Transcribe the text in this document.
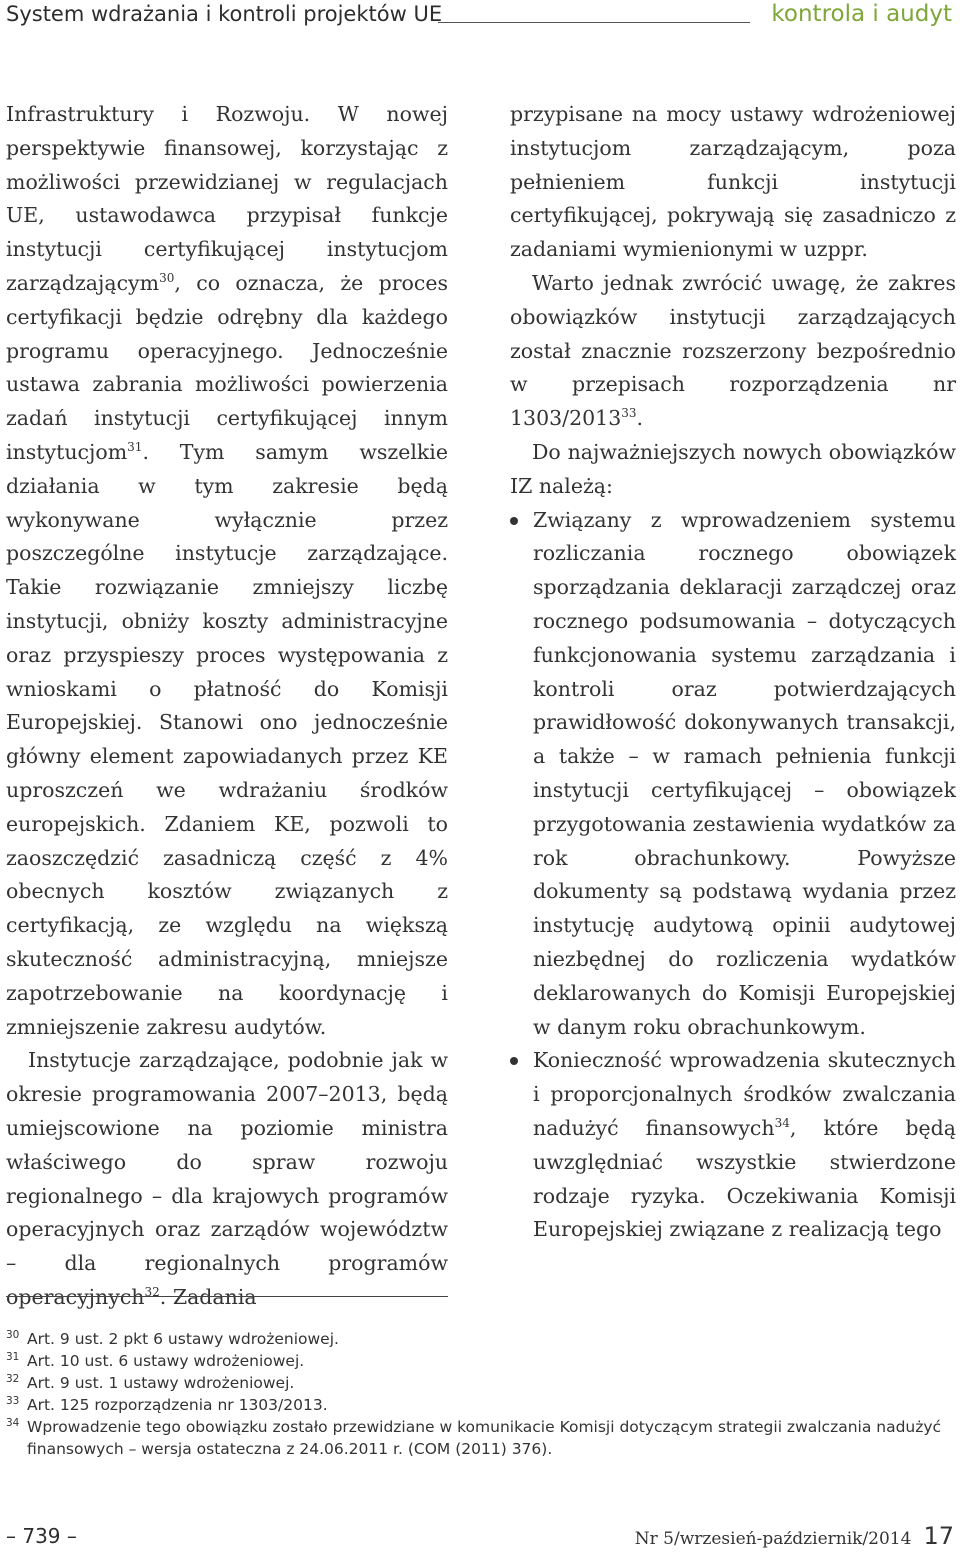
System wdrażania i kontroli projektów UE	kontrola i audyt

Infrastruktury i Rozwoju. W nowej perspektywie finansowej, korzystając z możliwości przewidzianej w regulacjach UE, ustawodawca przypisał funkcje instytucji certyfikującej instytucjom zarządzającym$^{30}$, co oznacza, że proces certyfikacji będzie odrębny dla każdego programu operacyjnego. Jednocześnie ustawa zabrania możliwości powierzenia zadań instytucji certyfikującej innym instytucjom$^{31}$. Tym samym wszelkie działania w tym zakresie będą wykonywane wyłącznie przez poszczególne instytucje zarządzające. Takie rozwiązanie zmniejszy liczbę instytucji, obniży koszty administracyjne oraz przyspieszy proces występowania z wnioskami o płatność do Komisji Europejskiej. Stanowi ono jednocześnie główny element zapowiadanych przez KE uproszczeń we wdrażaniu środków europejskich. Zdaniem KE, pozwoli to zaoszczędzić zasadniczą część z 4% obecnych kosztów związanych z certyfikacją, ze względu na większą skuteczność administracyjną, mniejsze zapotrzebowanie na koordynację i zmniejszenie zakresu audytów.

Instytucje zarządzające, podobnie jak w okresie programowania 2007–2013, będą umiejscowione na poziomie ministra właściwego do spraw rozwoju regionalnego – dla krajowych programów operacyjnych oraz zarządów województw – dla regionalnych programów operacyjnych$^{32}$. Zadania

przypisane na mocy ustawy wdrożeniowej instytucjom zarządzającym, poza pełnieniem funkcji instytucji certyfikującej, pokrywają się zasadniczo z zadaniami wymienionymi w uzppr.

Warto jednak zwrócić uwagę, że zakres obowiązków instytucji zarządzających został znacznie rozszerzony bezpośrednio w przepisach rozporządzenia nr 1303/2013$^{33}$.

Do najważniejszych nowych obowiązków IZ należą:

Związany z wprowadzeniem systemu rozliczania rocznego obowiązek sporządzania deklaracji zarządczej oraz rocznego podsumowania – dotyczących funkcjonowania systemu zarządzania i kontroli oraz potwierdzających prawidłowość dokonywanych transakcji, a także – w ramach pełnienia funkcji instytucji certyfikującej – obowiązek przygotowania zestawienia wydatków za rok obrachunkowy. Powyższe dokumenty są podstawą wydania przez instytucję audytową opinii audytowej niezbędnej do rozliczenia wydatków deklarowanych do Komisji Europejskiej w danym roku obrachunkowym.
Konieczność wprowadzenia skutecznych i proporcjonalnych środków zwalczania nadużyć finansowych$^{34}$, które będą uwzględniać wszystkie stwierdzone rodzaje ryzyka. Oczekiwania Komisji Europejskiej związane z realizacją tego
30 Art. 9 ust. 2 pkt 6 ustawy wdrożeniowej.
31 Art. 10 ust. 6 ustawy wdrożeniowej.
32 Art. 9 ust. 1 ustawy wdrożeniowej.
33 Art. 125 rozporządzenia nr 1303/2013.
34 Wprowadzenie tego obowiązku zostało przewidziane w komunikacie Komisji dotyczącym strategii zwalczania nadużyć finansowych – wersja ostateczna z 24.06.2011 r. (COM (2011) 376).
– 739 –	Nr 5/wrzesień-październik/2014 17
